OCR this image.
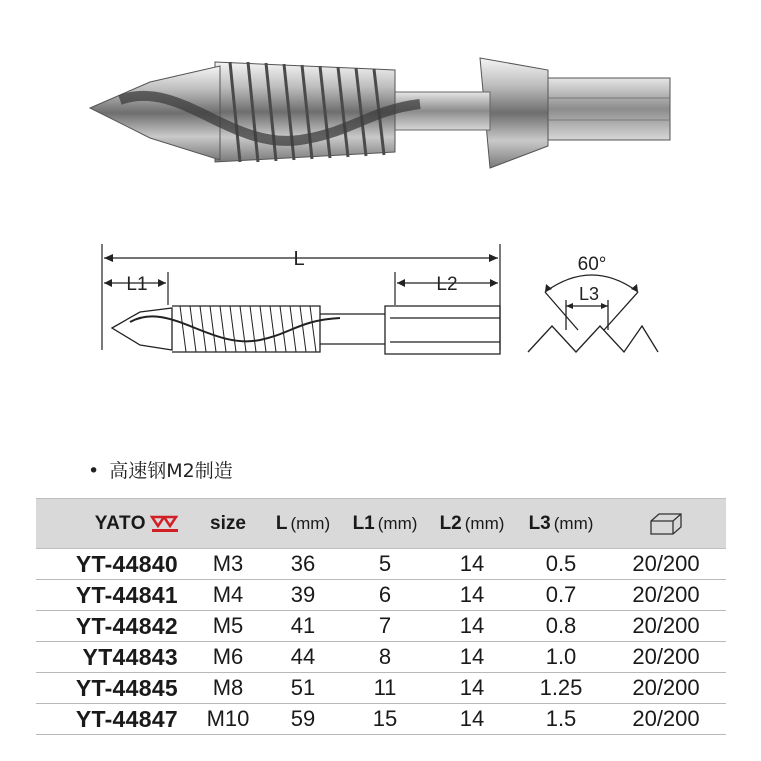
L
L1	L2
60°
L3
• 高速钢M2制造
YATO	size	L (mm)	L1 (mm)	L2 (mm)	L3 (mm)	
YT-44840	M3	36	5	14	0.5	20/200
YT-44841	M4	39	6	14	0.7	20/200
YT-44842	M5	41	7	14	0.8	20/200
YT44843	M6	44	8	14	1.0	20/200
YT-44845	M8	51	11	14	1.25	20/200
YT-44847	M10	59	15	14	1.5	20/200
